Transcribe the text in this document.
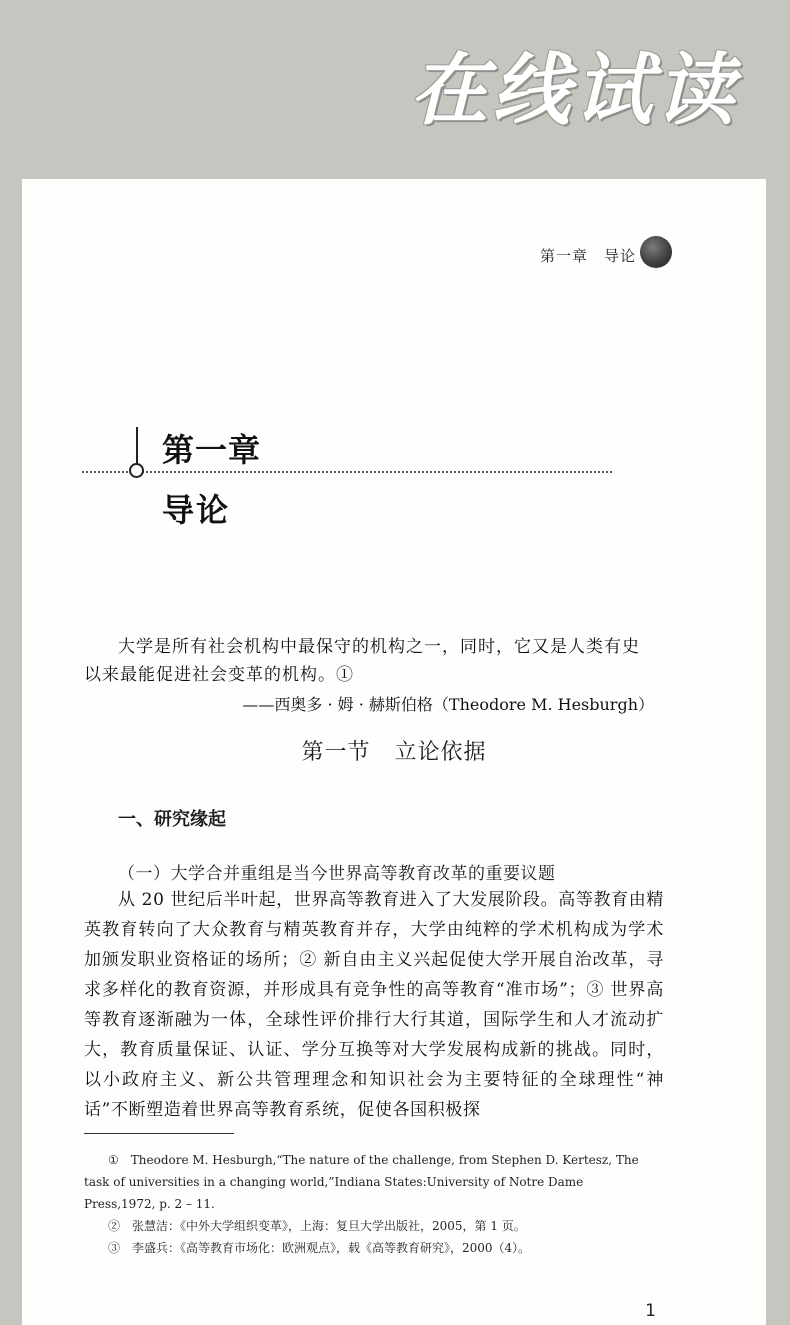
在线试读
第一章　导论
第一章
导论
大学是所有社会机构中最保守的机构之一，同时，它又是人类有史
以来最能促进社会变革的机构。①
——西奥多 · 姆 · 赫斯伯格（Theodore M. Hesburgh）
第一节 立论依据
一、研究缘起
（一）大学合并重组是当今世界高等教育改革的重要议题

从 20 世纪后半叶起，世界高等教育进入了大发展阶段。高等教育由精英教育转向了大众教育与精英教育并存，大学由纯粹的学术机构成为学术加颁发职业资格证的场所；② 新自由主义兴起促使大学开展自治改革，寻求多样化的教育资源，并形成具有竞争性的高等教育“准市场”；③ 世界高等教育逐渐融为一体，全球性评价排行大行其道，国际学生和人才流动扩大，教育质量保证、认证、学分互换等对大学发展构成新的挑战。同时，以小政府主义、新公共管理理念和知识社会为主要特征的全球理性“神话”不断塑造着世界高等教育系统，促使各国积极探

①　Theodore M. Hesburgh,“The nature of the challenge, from Stephen D. Kertesz, The task of universities in a changing world,”Indiana States:University of Notre Dame Press,1972, p. 2 – 11.

②　张慧洁：《中外大学组织变革》，上海：复旦大学出版社，2005，第 1 页。

③　李盛兵：《高等教育市场化：欧洲观点》，载《高等教育研究》，2000（4）。

1
